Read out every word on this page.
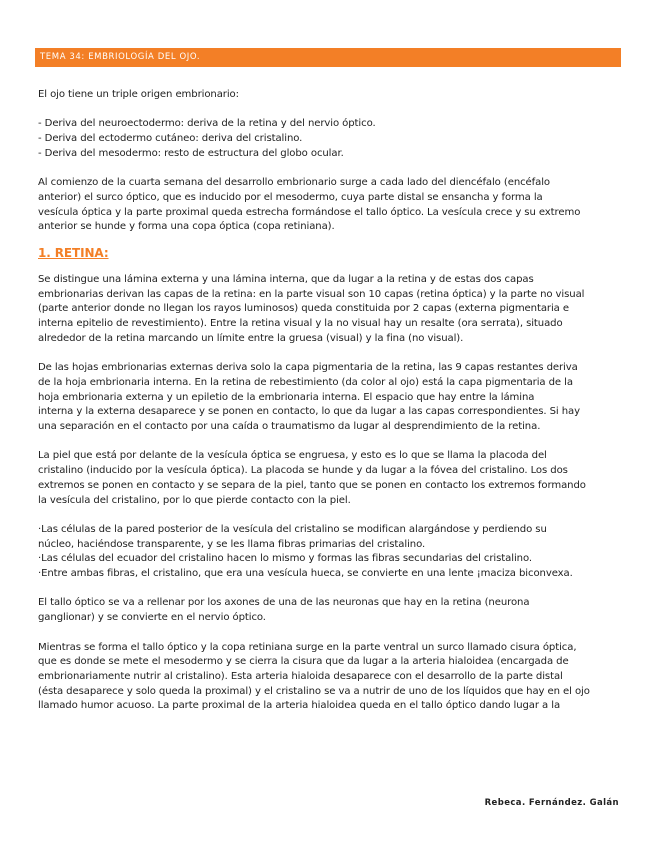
TEMA 34: EMBRIOLOGÍA DEL OJO.

El ojo tiene un triple origen embrionario:

- Deriva del neuroectodermo: deriva de la retina y del nervio óptico.

- Deriva del ectodermo cutáneo: deriva del cristalino.

- Deriva del mesodermo: resto de estructura del globo ocular.

Al comienzo de la cuarta semana del desarrollo embrionario surge a cada lado del diencéfalo (encéfalo

anterior) el surco óptico, que es inducido por el mesodermo, cuya parte distal se ensancha y forma la

vesícula óptica y la parte proximal queda estrecha formándose el tallo óptico. La vesícula crece y su extremo

anterior se hunde y forma una copa óptica (copa retiniana).

1. RETINA:

Se distingue una lámina externa y una lámina interna, que da lugar a la retina y de estas dos capas

embrionarias derivan las capas de la retina: en la parte visual son 10 capas (retina óptica) y la parte no visual

(parte anterior donde no llegan los rayos luminosos) queda constituida por 2 capas (externa pigmentaria e

interna epitelio de revestimiento). Entre la retina visual y la no visual hay un resalte (ora serrata), situado

alrededor de la retina marcando un límite entre la gruesa (visual) y la fina (no visual).

De las hojas embrionarias externas deriva solo la capa pigmentaria de la retina, las 9 capas restantes deriva

de la hoja embrionaria interna. En la retina de rebestimiento (da color al ojo) está la capa pigmentaria de la

hoja embrionaria externa y un epiletio de la embrionaria interna. El espacio que hay entre la lámina

interna y la externa desaparece y se ponen en contacto, lo que da lugar a las capas correspondientes. Si hay

una separación en el contacto por una caída o traumatismo da lugar al desprendimiento de la retina.

La piel que está por delante de la vesícula óptica se engruesa, y esto es lo que se llama la placoda del

cristalino (inducido por la vesícula óptica). La placoda se hunde y da lugar a la fóvea del cristalino. Los dos

extremos se ponen en contacto y se separa de la piel, tanto que se ponen en contacto los extremos formando

la vesícula del cristalino, por lo que pierde contacto con la piel.

·Las células de la pared posterior de la vesícula del cristalino se modifican alargándose y perdiendo su

núcleo, haciéndose transparente, y se les llama fibras primarias del cristalino.

·Las células del ecuador del cristalino hacen lo mismo y formas las fibras secundarias del cristalino.

·Entre ambas fibras, el cristalino, que era una vesícula hueca, se convierte en una lente ¡maciza biconvexa.

El tallo óptico se va a rellenar por los axones de una de las neuronas que hay en la retina (neurona

ganglionar) y se convierte en el nervio óptico.

Mientras se forma el tallo óptico y la copa retiniana surge en la parte ventral un surco llamado cisura óptica,

que es donde se mete el mesodermo y se cierra la cisura que da lugar a la arteria hialoidea (encargada de

embrionariamente nutrir al cristalino). Esta arteria hialoida desaparece con el desarrollo de la parte distal

(ésta desaparece y solo queda la proximal) y el cristalino se va a nutrir de uno de los líquidos que hay en el ojo

llamado humor acuoso. La parte proximal de la arteria hialoidea queda en el tallo óptico dando lugar a la

Rebeca. Fernández. Galán
